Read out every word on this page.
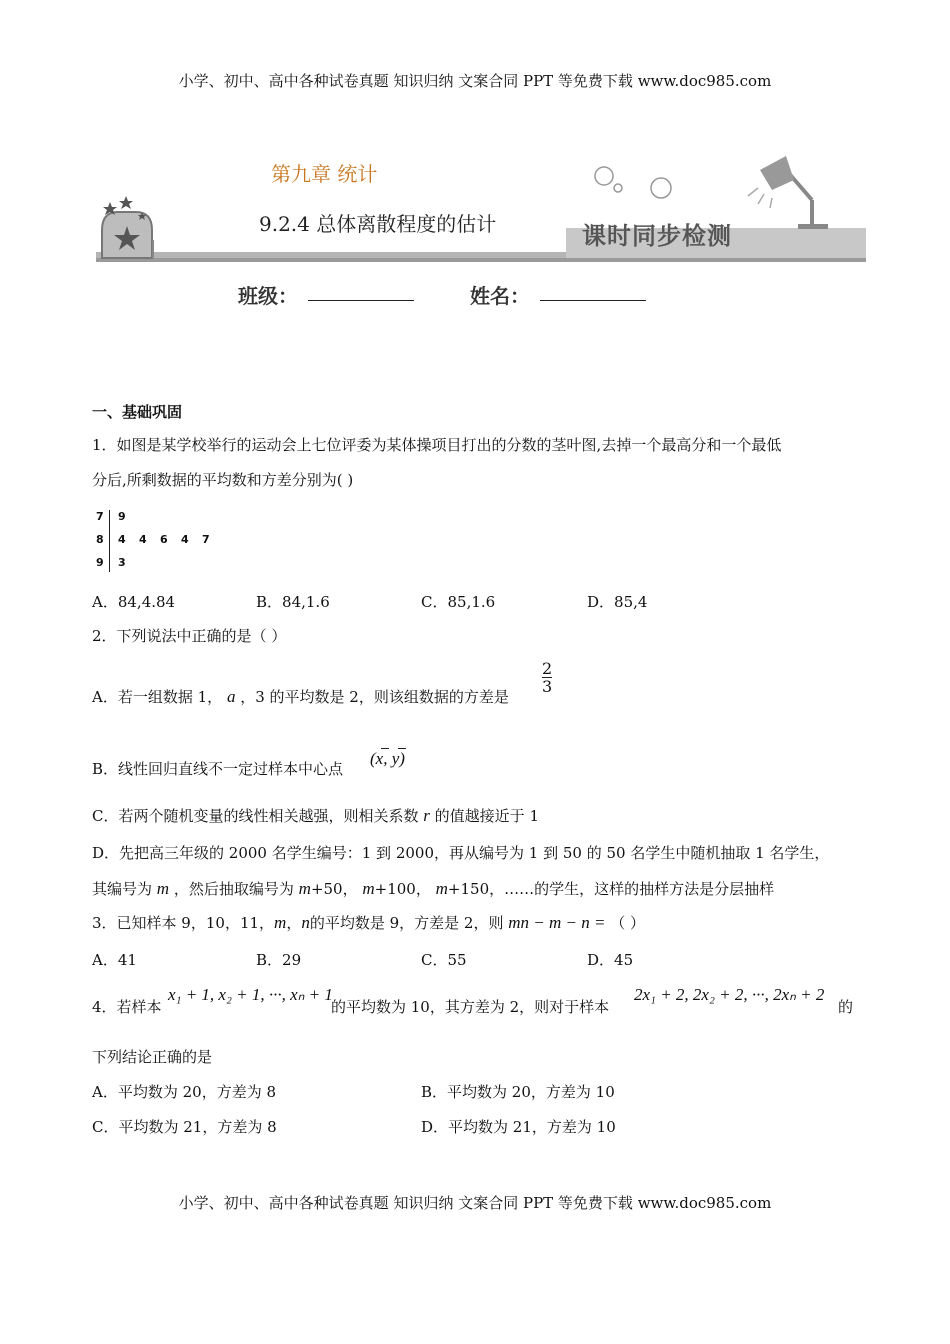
小学、初中、高中各种试卷真题 知识归纳 文案合同 PPT 等免费下载 www.doc985.com
第九章 统计
9.2.4 总体离散程度的估计	课时同步检测
班级：	姓名：
一、基础巩固
1．如图是某学校举行的运动会上七位评委为某体操项目打出的分数的茎叶图,去掉一个最高分和一个最低
分后,所剩数据的平均数和方差分别为( )
7 9
8 4 4 6 4 7
9 3
A．84,4.84	B．84,1.6	C．85,1.6	D．85,4
2．下列说法中正确的是（ ）
A．若一组数据 1， a ，3 的平均数是 2，则该组数据的方差是
$\frac{2}{3}$
B．线性回归直线不一定过样本中心点
(x, y)
C．若两个随机变量的线性相关越强，则相关系数 r 的值越接近于 1
D．先把高三年级的 2000 名学生编号：1 到 2000，再从编号为 1 到 50 的 50 名学生中随机抽取 1 名学生，
其编号为 m ，然后抽取编号为 m+50， m+100， m+150，……的学生，这样的抽样方法是分层抽样
3．已知样本 9，10，11，m，n的平均数是 9，方差是 2，则 mn − m − n = （ ）
A．41	B．29	C．55	D．45
4．若样本
x₁ + 1, x₂ + 1, ···, xₙ + 1
的平均数为 10，其方差为 2，则对于样本
2x₁ + 2, 2x₂ + 2, ···, 2xₙ + 2
的
下列结论正确的是
A．平均数为 20，方差为 8	B．平均数为 20，方差为 10
C．平均数为 21，方差为 8	D．平均数为 21，方差为 10
小学、初中、高中各种试卷真题 知识归纳 文案合同 PPT 等免费下载 www.doc985.com
